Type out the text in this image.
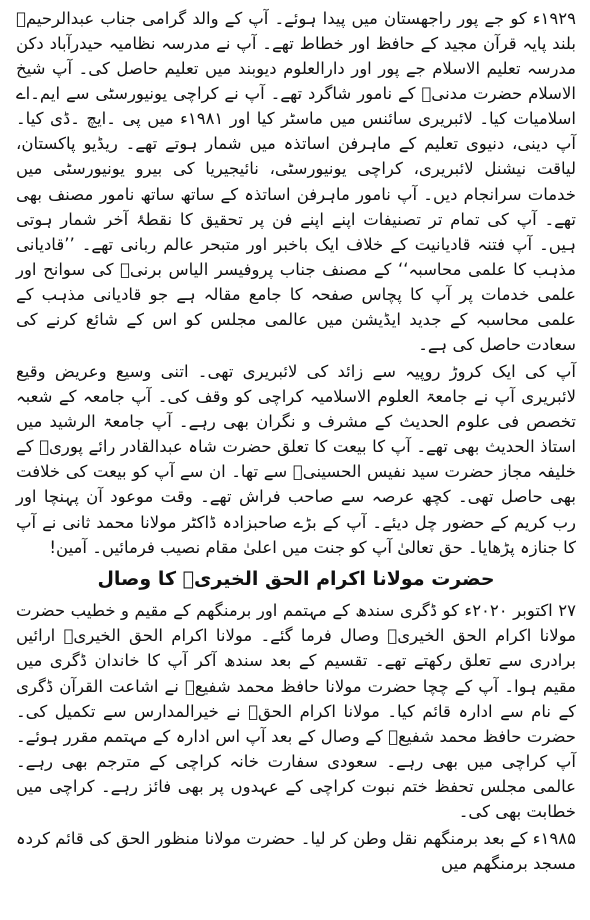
۱۹۲۹ء کو جے پور راجھستان میں پیدا ہوئے۔ آپ کے والد گرامی جناب عبدالرحیمؒ بلند پایہ قرآن مجید کے حافظ اور خطاط تھے۔ آپ نے مدرسہ نظامیہ حیدرآباد دکن مدرسہ تعلیم الاسلام جے پور اور دارالعلوم دیوبند میں تعلیم حاصل کی۔ آپ شیخ الاسلام حضرت مدنیؒ کے نامور شاگرد تھے۔ آپ نے کراچی یونیورسٹی سے ایم۔اے اسلامیات کیا۔ لائبریری سائنس میں ماسٹر کیا اور ۱۹۸۱ء میں پی ۔ایچ ۔ڈی کیا۔ آپ دینی، دنیوی تعلیم کے ماہرفن اساتذہ میں شمار ہوتے تھے۔ ریڈیو پاکستان، لیاقت نیشنل لائبریری، کراچی یونیورسٹی، نائیجیریا کی بیرو یونیورسٹی میں خدمات سرانجام دیں۔ آپ نامور ماہرفن اساتذہ کے ساتھ ساتھ نامور مصنف بھی تھے۔ آپ کی تمام تر تصنیفات اپنے اپنے فن پر تحقیق کا نقطۂ آخر شمار ہوتی ہیں۔ آپ فتنہ قادیانیت کے خلاف ایک باخبر اور متبحر عالم ربانی تھے۔ ’’قادیانی مذہب کا علمی محاسبہ‘‘ کے مصنف جناب پروفیسر الیاس برنیؒ کی سوانح اور علمی خدمات پر آپ کا پچاس صفحہ کا جامع مقالہ ہے جو قادیانی مذہب کے علمی محاسبہ کے جدید ایڈیشن میں عالمی مجلس کو اس کے شائع کرنے کی سعادت حاصل کی ہے۔

آپ کی ایک کروڑ روپیہ سے زائد کی لائبریری تھی۔ اتنی وسیع وعریض وقیع لائبریری آپ نے جامعۃ العلوم الاسلامیہ کراچی کو وقف کی۔ آپ جامعہ کے شعبہ تخصص فی علوم الحدیث کے مشرف و نگران بھی رہے۔ آپ جامعۃ الرشید میں استاذ الحدیث بھی تھے۔ آپ کا بیعت کا تعلق حضرت شاہ عبدالقادر رائے پوریؒ کے خلیفہ مجاز حضرت سید نفیس الحسینیؒ سے تھا۔ ان سے آپ کو بیعت کی خلافت بھی حاصل تھی۔ کچھ عرصہ سے صاحب فراش تھے۔ وقت موعود آن پہنچا اور رب کریم کے حضور چل دیئے۔ آپ کے بڑے صاحبزادہ ڈاکٹر مولانا محمد ثانی نے آپ کا جنازہ پڑھایا۔ حق تعالیٰ آپ کو جنت میں اعلیٰ مقام نصیب فرمائیں۔ آمین!

حضرت مولانا اکرام الحق الخیریؒ کا وصال

۲۷ اکتوبر ۲۰۲۰ء کو ڈگری سندھ کے مہتمم اور برمنگھم کے مقیم و خطیب حضرت مولانا اکرام الحق الخیریؒ وصال فرما گئے۔ مولانا اکرام الحق الخیریؒ ارائیں برادری سے تعلق رکھتے تھے۔ تقسیم کے بعد سندھ آکر آپ کا خاندان ڈگری میں مقیم ہوا۔ آپ کے چچا حضرت مولانا حافظ محمد شفیعؒ نے اشاعت القرآن ڈگری کے نام سے ادارہ قائم کیا۔ مولانا اکرام الحقؒ نے خیرالمدارس سے تکمیل کی۔ حضرت حافظ محمد شفیعؒ کے وصال کے بعد آپ اس ادارہ کے مہتمم مقرر ہوئے۔ آپ کراچی میں بھی رہے۔ سعودی سفارت خانہ کراچی کے مترجم بھی رہے۔ عالمی مجلس تحفظ ختم نبوت کراچی کے عہدوں پر بھی فائز رہے۔ کراچی میں خطابت بھی کی۔

۱۹۸۵ء کے بعد برمنگھم نقل وطن کر لیا۔ حضرت مولانا منظور الحق کی قائم کردہ مسجد برمنگھم میں
